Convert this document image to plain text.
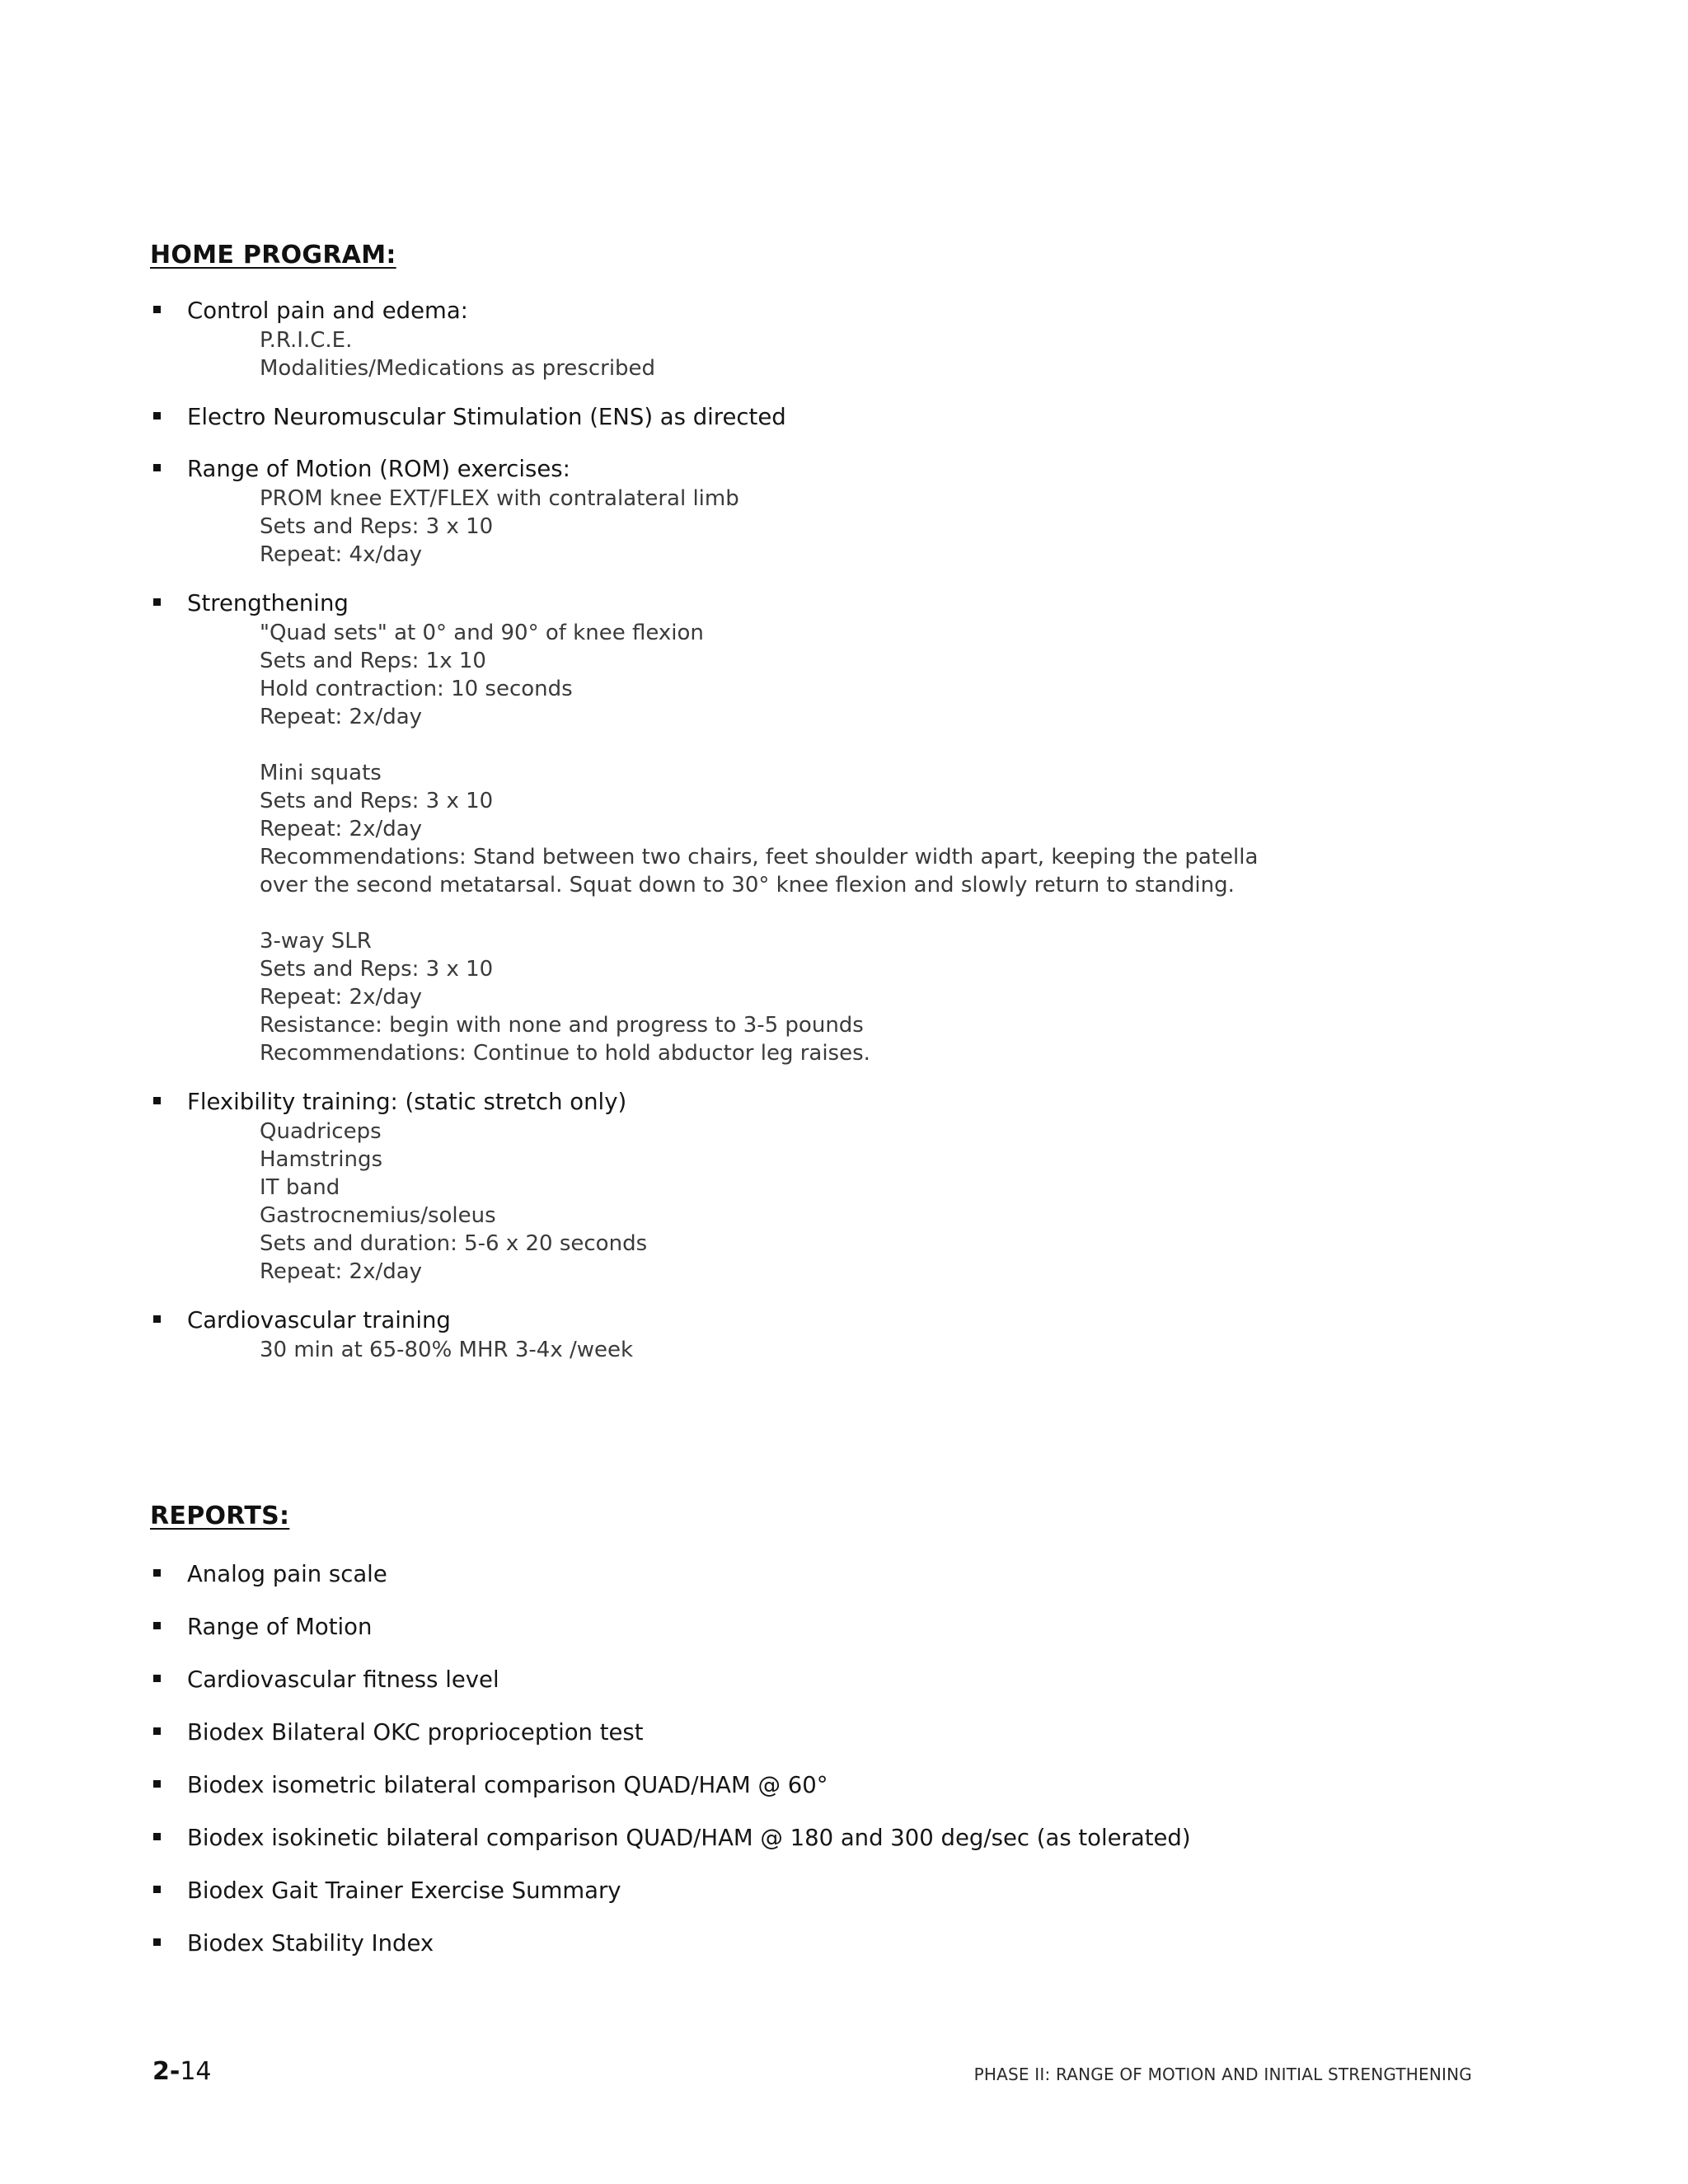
HOME PROGRAM:
Control pain and edema:
P.R.I.C.E.
Modalities/Medications as prescribed
Electro Neuromuscular Stimulation (ENS) as directed
Range of Motion (ROM) exercises:
PROM knee EXT/FLEX with contralateral limb
Sets and Reps: 3 x 10
Repeat: 4x/day
Strengthening
"Quad sets" at 0° and 90° of knee flexion
Sets and Reps: 1x 10
Hold contraction: 10 seconds
Repeat: 2x/day
Mini squats
Sets and Reps: 3 x 10
Repeat: 2x/day
Recommendations: Stand between two chairs, feet shoulder width apart, keeping the patella
over the second metatarsal. Squat down to 30° knee flexion and slowly return to standing.
3-way SLR
Sets and Reps: 3 x 10
Repeat: 2x/day
Resistance: begin with none and progress to 3-5 pounds
Recommendations: Continue to hold abductor leg raises.
Flexibility training: (static stretch only)
Quadriceps
Hamstrings
IT band
Gastrocnemius/soleus
Sets and duration: 5-6 x 20 seconds
Repeat: 2x/day
Cardiovascular training
30 min at 65-80% MHR 3-4x /week
REPORTS:
Analog pain scale
Range of Motion
Cardiovascular fitness level
Biodex Bilateral OKC proprioception test
Biodex isometric bilateral comparison QUAD/HAM @ 60°
Biodex isokinetic bilateral comparison QUAD/HAM @ 180 and 300 deg/sec (as tolerated)
Biodex Gait Trainer Exercise Summary
Biodex Stability Index
2-14	PHASE II: RANGE OF MOTION AND INITIAL STRENGTHENING
